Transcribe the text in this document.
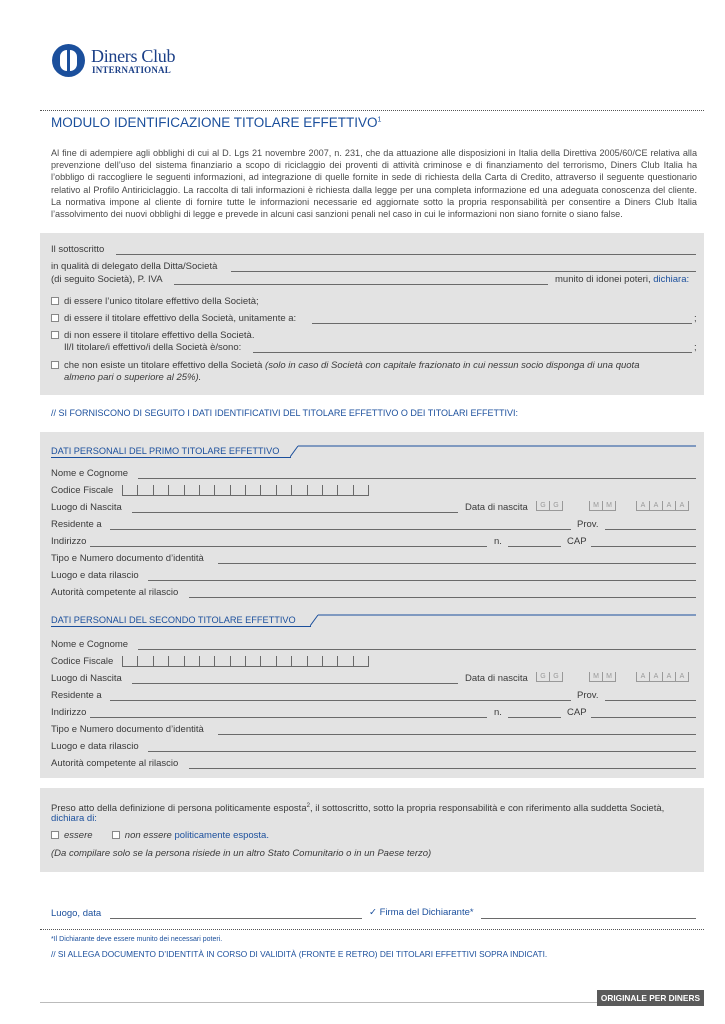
Diners Club
INTERNATIONAL
MODULO IDENTIFICAZIONE TITOLARE EFFETTIVO$^1$
Al fine di adempiere agli obblighi di cui al D. Lgs 21 novembre 2007, n. 231, che da attuazione alle disposizioni in Italia della Direttiva 2005/60/CE relativa alla prevenzione dell’uso del sistema finanziario a scopo di riciclaggio dei proventi di attività criminose e di finanziamento del terrorismo, Diners Club Italia ha l’obbligo di raccogliere le seguenti informazioni, ad integrazione di quelle fornite in sede di richiesta della Carta di Credito, attraverso il seguente questionario relativo al Profilo Antiriciclaggio. La raccolta di tali informazioni è richiesta dalla legge per una completa informazione ed una adeguata conoscenza del cliente. La normativa impone al cliente di fornire tutte le informazioni necessarie ed aggiornate sotto la propria responsabilità per consentire a Diners Club Italia l’assolvimento dei nuovi obblighi di legge e prevede in alcuni casi sanzioni penali nel caso in cui le informazioni non siano fornite o siano false.
Il sottoscritto
in qualità di delegato della Ditta/Società
(di seguito Società), P. IVA	munito di idonei poteri, dichiara:
di essere l’unico titolare effettivo della Società;
di essere il titolare effettivo della Società, unitamente a:	;
di non essere il titolare effettivo della Società.
Il/I titolare/i effettivo/i della Società è/sono:	;
che non esiste un titolare effettivo della Società (solo in caso di Società con capitale frazionato in cui nessun socio disponga di una quota
almeno pari o superiore al 25%).
// SI FORNISCONO DI SEGUITO I DATI IDENTIFICATIVI DEL TITOLARE EFFETTIVO O DEI TITOLARI EFFETTIVI:
DATI PERSONALI DEL PRIMO TITOLARE EFFETTIVO
Nome e Cognome
Codice Fiscale
Luogo di Nascita	Data di nascita	G	G	M	M	A	A	A	A
Residente a	Prov.
Indirizzo	n.	CAP
Tipo e Numero documento d’identità
Luogo e data rilascio
Autorità competente al rilascio
DATI PERSONALI DEL SECONDO TITOLARE EFFETTIVO
Nome e Cognome
Codice Fiscale
Luogo di Nascita	Data di nascita	G	G	M	M	A	A	A	A
Residente a	Prov.
Indirizzo	n.	CAP
Tipo e Numero documento d’identità
Luogo e data rilascio
Autorità competente al rilascio
Preso atto della definizione di persona politicamente esposta$^2$, il sottoscritto, sotto la propria responsabilità e con riferimento alla suddetta Società,
dichiara di:
essere	non essere politicamente esposta.
(Da compilare solo se la persona risiede in un altro Stato Comunitario o in un Paese terzo)
Luogo, data	✓ Firma del Dichiarante*
*Il Dichiarante deve essere munito dei necessari poteri.
// SI ALLEGA DOCUMENTO D’IDENTITÀ IN CORSO DI VALIDITÀ (FRONTE E RETRO) DEI TITOLARI EFFETTIVI SOPRA INDICATI.
ORIGINALE PER DINERS
